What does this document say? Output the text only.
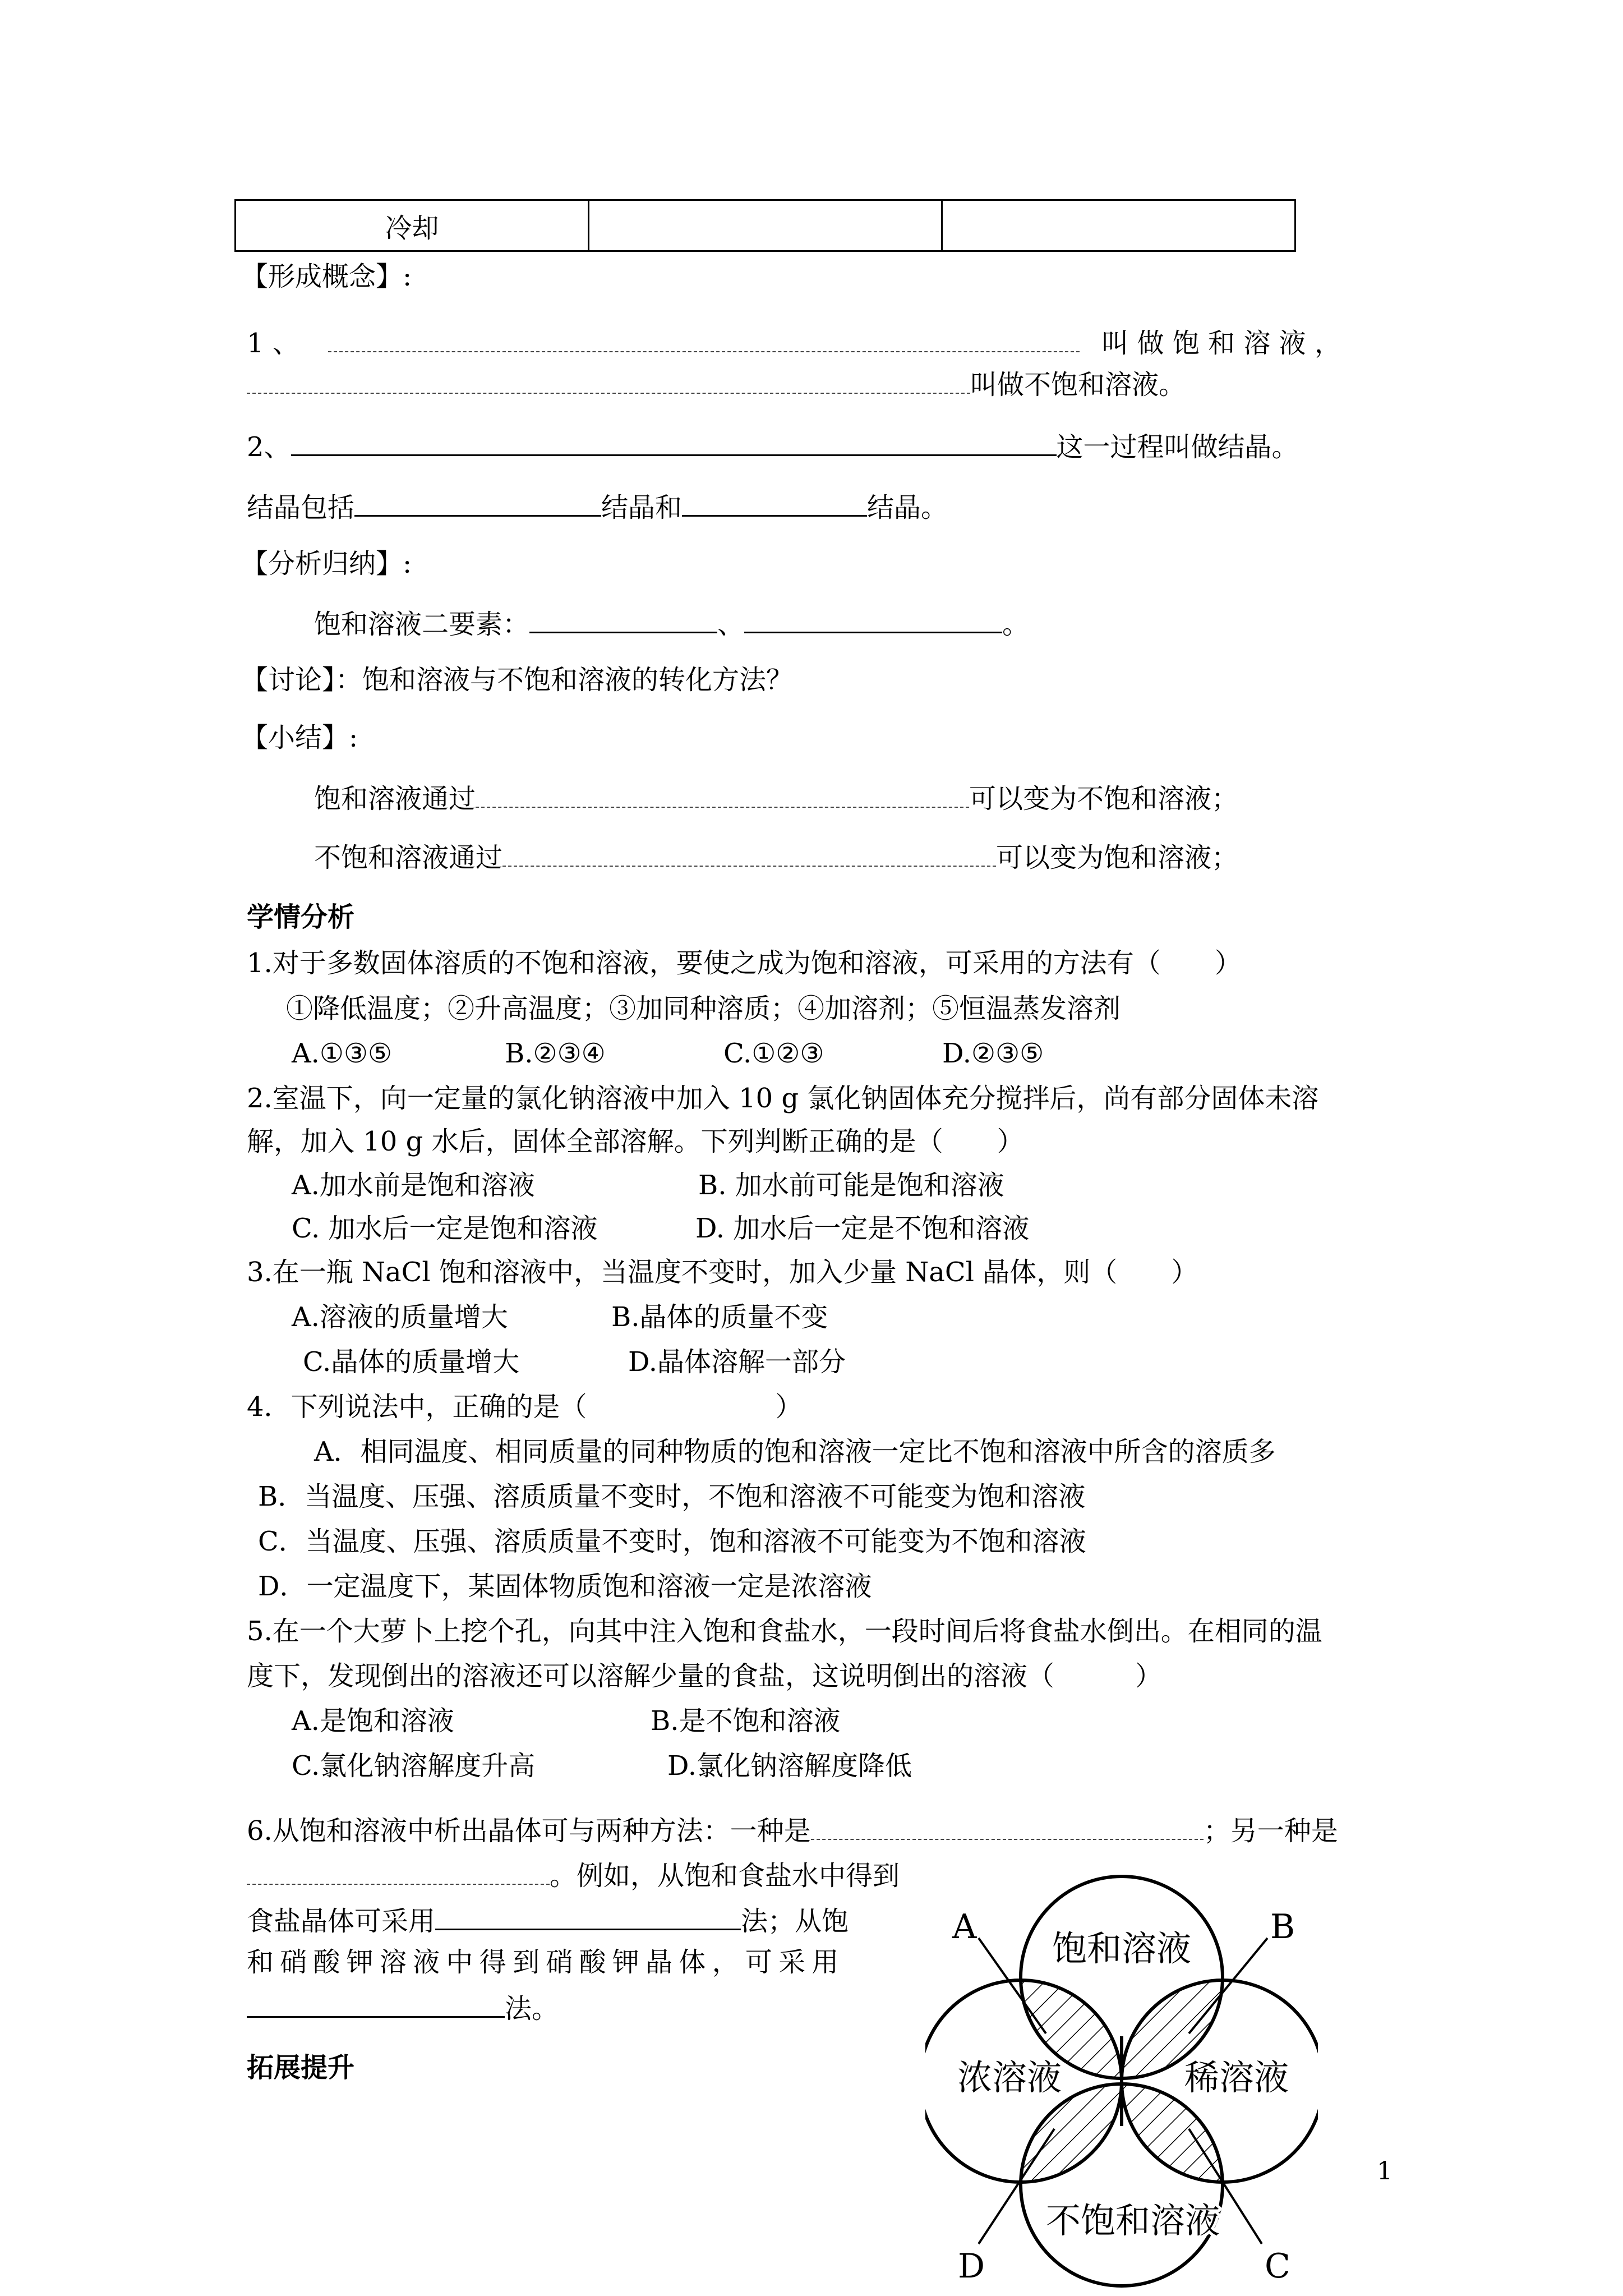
冷却		
【形成概念】:
1 、	叫 做 饱 和 溶 液 ，
叫做不饱和溶液。
2、	这一过程叫做结晶。
结晶包括	结晶和	结晶。
【分析归纳】:
饱和溶液二要素：	、	。
【讨论】：饱和溶液与不饱和溶液的转化方法？
【小结】:
饱和溶液通过	可以变为不饱和溶液；
不饱和溶液通过	可以变为饱和溶液；
学情分析
1.对于多数固体溶质的不饱和溶液，要使之成为饱和溶液，可采用的方法有（　　）
①降低温度；②升高温度；③加同种溶质；④加溶剂；⑤恒温蒸发溶剂
A.①③⑤	B.②③④	C.①②③	D.②③⑤
2.室温下，向一定量的氯化钠溶液中加入 10 g 氯化钠固体充分搅拌后，尚有部分固体未溶
解，加入 10 g 水后，固体全部溶解。下列判断正确的是（　　）
A.加水前是饱和溶液	B. 加水前可能是饱和溶液
C. 加水后一定是饱和溶液	D. 加水后一定是不饱和溶液
3.在一瓶 NaCl 饱和溶液中，当温度不变时，加入少量 NaCl 晶体，则（　　）
A.溶液的质量增大	B.晶体的质量不变
C.晶体的质量增大	D.晶体溶解一部分
4．下列说法中，正确的是（　　　　　　　）
A．相同温度、相同质量的同种物质的饱和溶液一定比不饱和溶液中所含的溶质多
B．当温度、压强、溶质质量不变时，不饱和溶液不可能变为饱和溶液
C．当温度、压强、溶质质量不变时，饱和溶液不可能变为不饱和溶液
D．一定温度下，某固体物质饱和溶液一定是浓溶液
5.在一个大萝卜上挖个孔，向其中注入饱和食盐水，一段时间后将食盐水倒出。在相同的温
度下，发现倒出的溶液还可以溶解少量的食盐，这说明倒出的溶液（　　　）
A.是饱和溶液	B.是不饱和溶液
C.氯化钠溶解度升高	D.氯化钠溶解度降低
6.从饱和溶液中析出晶体可与两种方法：一种是	；另一种是
。例如，从饱和食盐水中得到
食盐晶体可采用	法；从饱
和 硝 酸 钾 溶 液 中 得 到 硝 酸 钾 晶 体 ， 可 采 用
法。
拓展提升
饱和溶液
浓溶液	稀溶液
不饱和溶液
A	B
C
D
1
